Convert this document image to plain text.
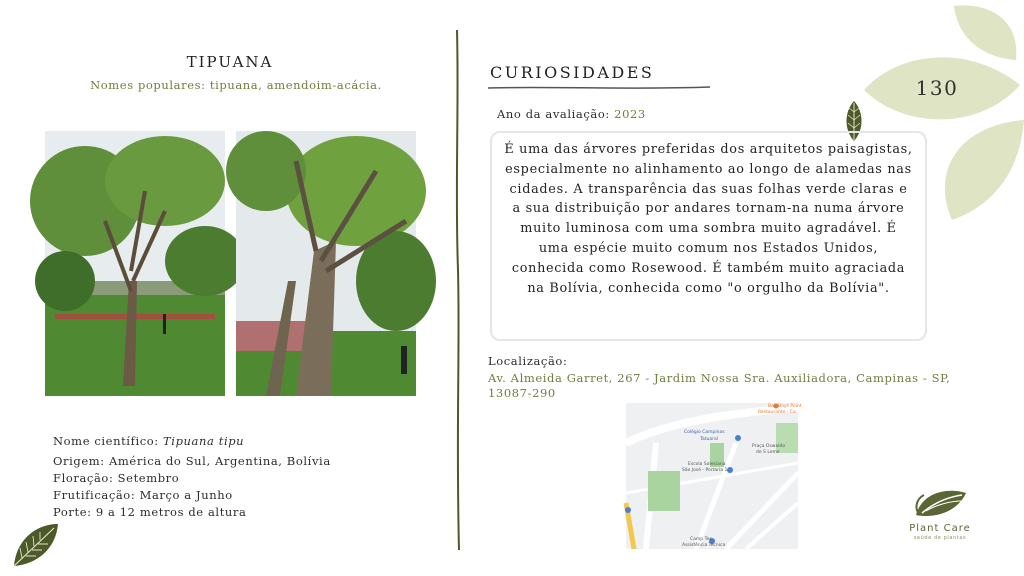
TIPUANA
Nomes populares: tipuana, amendoim-acácia.
Nome científico: Tipuana tipu
Origem: América do Sul, Argentina, Bolívia
Floração: Setembro
Frutificação: Março a Junho
Porte: 9 a 12 metros de altura
CURIOSIDADES
Ano da avaliação: 2023
É uma das árvores preferidas dos arquitetos paisagistas, especialmente no alinhamento ao longo de alamedas nas cidades. A transparência das suas folhas verde claras e a sua distribuição por andares tornam-na numa árvore muito luminosa com uma sombra muito agradável. É uma espécie muito comum nos Estados Unidos, conhecida como Rosewood. É também muito agraciada na Bolívia, conhecida como "o orgulho da Bolívia".
Localização:
Av. Almeida Garret, 267 - Jardim Nossa Sra. Auxiliadora, Campinas - SP, 13087-290
Bad Boys Point
Restaurante · Ca
Colégio Campinas
Tatuaral
Praça Oswaldo
de S Leme
Escola Salesiana
São José - Portaria 1
Camp Tec
Assistência Técnica
130
Plant Care
saúde de plantas
